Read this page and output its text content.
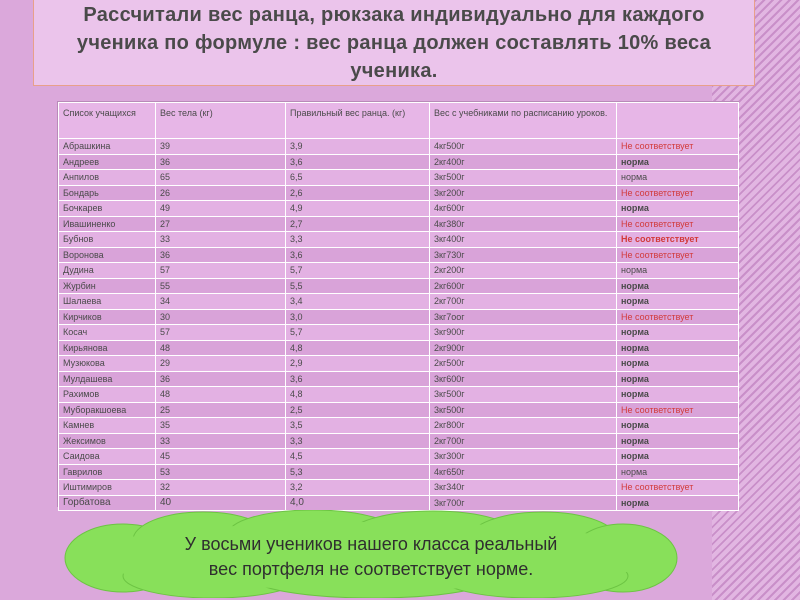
Рассчитали вес ранца, рюкзака индивидуально для каждого ученика по формуле : вес ранца должен составлять 10% веса ученика.
Список учащихся	Вес тела (кг)	Правильный вес ранца. (кг)	Вес с учебниками по расписанию уроков.	
Абрашкина	39	3,9	4кг500г	Не соответствует
Андреев	36	3,6	2кг400г	норма
Анпилов	65	6,5	3кг500г	норма
Бондарь	26	2,6	3кг200г	Не соответствует
Бочкарев	49	4,9	4кг600г	норма
Ивашиненко	27	2,7	4кг380г	Не соответствует
Бубнов	33	3,3	3кг400г	Не соответствует
Воронова	36	3,6	3кг730г	Не соответствует
Дудина	57	5,7	2кг200г	норма
Журбин	55	5,5	2кг600г	норма
Шалаева	34	3,4	2кг700г	норма
Кирчиков	30	3,0	3кг7оог	Не соответствует
Косач	57	5,7	3кг900г	норма
Кирьянова	48	4,8	2кг900г	норма
Музюкова	29	2,9	2кг500г	норма
Мулдашева	36	3,6	3кг600г	норма
Рахимов	48	4,8	3кг500г	норма
Муборакшоева	25	2,5	3кг500г	Не соответствует
Камнев	35	3,5	2кг800г	норма
Жексимов	33	3,3	2кг700г	норма
Саидова	45	4,5	3кг300г	норма
Гаврилов	53	5,3	4кг650г	норма
Иштимиров	32	3,2	3кг340г	Не соответствует
Горбатова	40	4,0	3кг700г	норма

У восьми учеников нашего класса реальный
вес портфеля не соответствует норме.
